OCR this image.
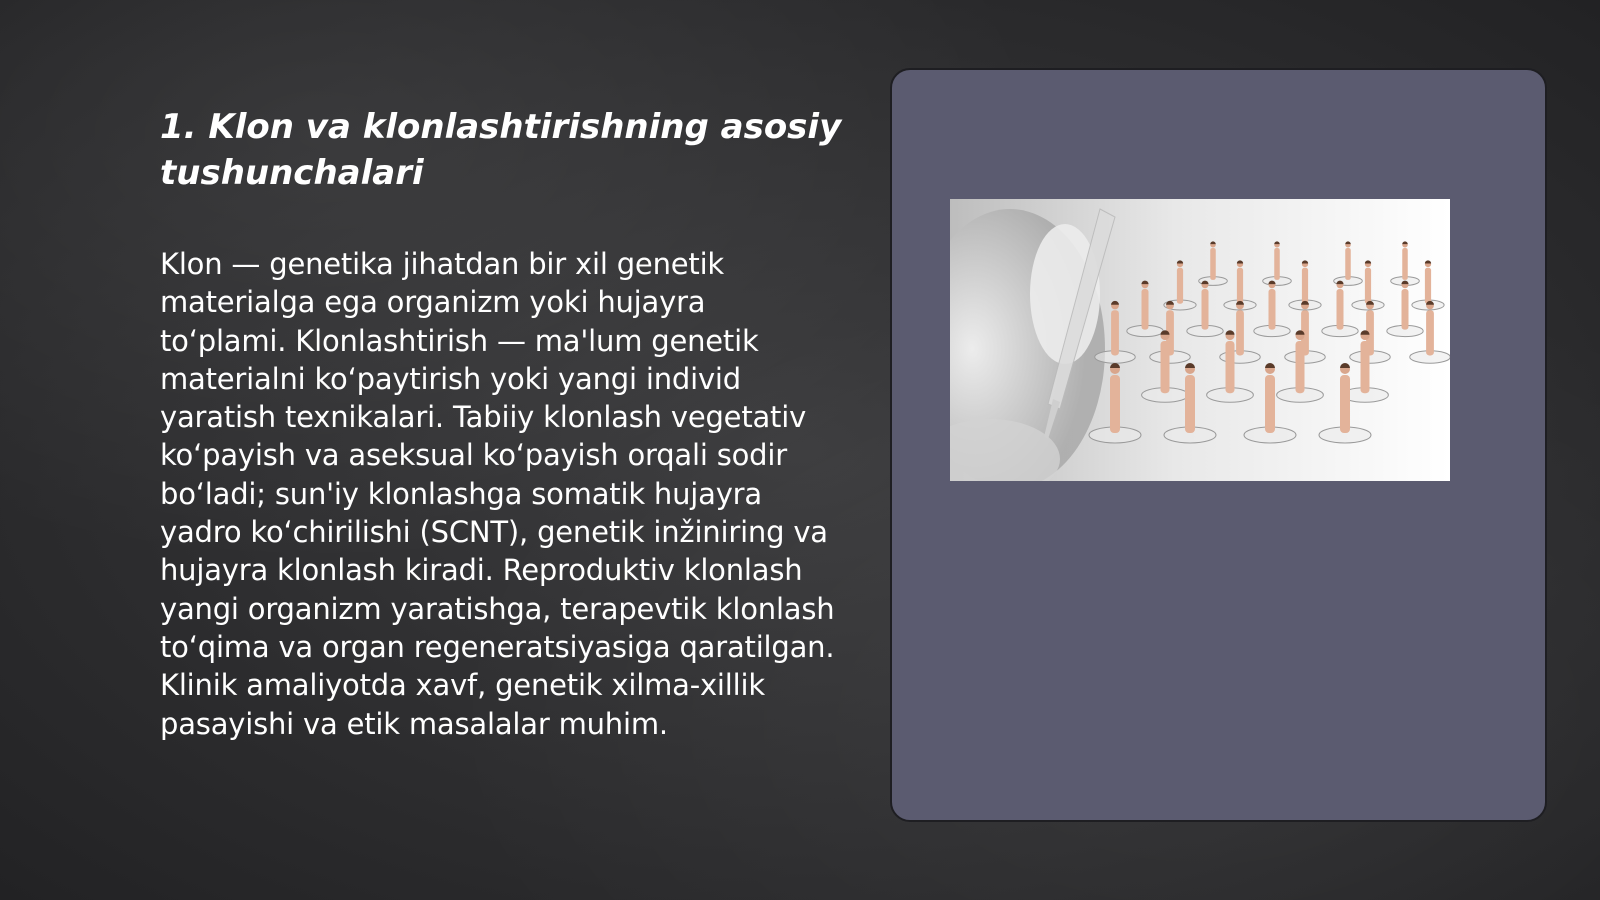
1. Klon va klonlashtirishning asosiy tushunchalari

Klon — genetika jihatdan bir xil genetik materialga ega organizm yoki hujayra to‘plami. Klonlashtirish — ma'lum genetik materialni ko‘paytirish yoki yangi individ yaratish texnikalari. Tabiiy klonlash vegetativ ko‘payish va aseksual ko‘payish orqali sodir bo‘ladi; sun'iy klonlashga somatik hujayra yadro ko‘chirilishi (SCNT), genetik inžiniring va hujayra klonlash kiradi. Reproduktiv klonlash yangi organizm yaratishga, terapevtik klonlash to‘qima va organ regeneratsiyasiga qaratilgan. Klinik amaliyotda xavf, genetik xilma-xillik pasayishi va etik masalalar muhim.
